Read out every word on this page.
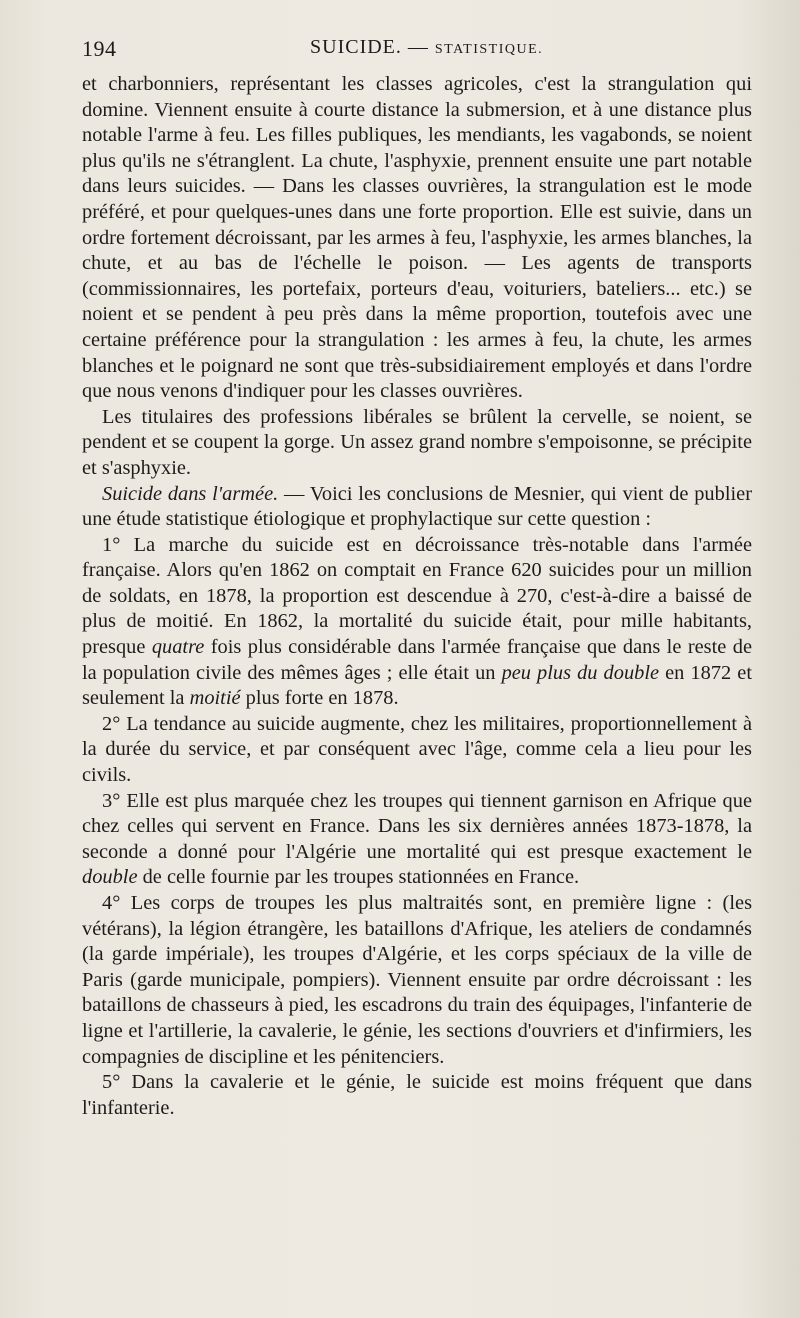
194	SUICIDE. — STATISTIQUE.

et charbonniers, représentant les classes agricoles, c'est la strangulation qui domine. Viennent ensuite à courte distance la submersion, et à une distance plus notable l'arme à feu. Les filles publiques, les mendiants, les vagabonds, se noient plus qu'ils ne s'étranglent. La chute, l'asphyxie, prennent ensuite une part notable dans leurs suicides. — Dans les classes ouvrières, la strangulation est le mode préféré, et pour quelques-unes dans une forte proportion. Elle est suivie, dans un ordre fortement décroissant, par les armes à feu, l'asphyxie, les armes blanches, la chute, et au bas de l'échelle le poison. — Les agents de transports (commissionnaires, les portefaix, porteurs d'eau, voituriers, bateliers... etc.) se noient et se pendent à peu près dans la même proportion, toutefois avec une certaine préférence pour la strangulation : les armes à feu, la chute, les armes blanches et le poignard ne sont que très-subsidiairement employés et dans l'ordre que nous venons d'indiquer pour les classes ouvrières.

Les titulaires des professions libérales se brûlent la cervelle, se noient, se pendent et se coupent la gorge. Un assez grand nombre s'empoisonne, se précipite et s'asphyxie.

Suicide dans l'armée. — Voici les conclusions de Mesnier, qui vient de publier une étude statistique étiologique et prophylactique sur cette question :

1° La marche du suicide est en décroissance très-notable dans l'armée française. Alors qu'en 1862 on comptait en France 620 suicides pour un million de soldats, en 1878, la proportion est descendue à 270, c'est-à-dire a baissé de plus de moitié. En 1862, la mortalité du suicide était, pour mille habitants, presque quatre fois plus considérable dans l'armée française que dans le reste de la population civile des mêmes âges ; elle était un peu plus du double en 1872 et seulement la moitié plus forte en 1878.

2° La tendance au suicide augmente, chez les militaires, proportionnellement à la durée du service, et par conséquent avec l'âge, comme cela a lieu pour les civils.

3° Elle est plus marquée chez les troupes qui tiennent garnison en Afrique que chez celles qui servent en France. Dans les six dernières années 1873-1878, la seconde a donné pour l'Algérie une mortalité qui est presque exactement le double de celle fournie par les troupes stationnées en France.

4° Les corps de troupes les plus maltraités sont, en première ligne : (les vétérans), la légion étrangère, les bataillons d'Afrique, les ateliers de condamnés (la garde impériale), les troupes d'Algérie, et les corps spéciaux de la ville de Paris (garde municipale, pompiers). Viennent ensuite par ordre décroissant : les bataillons de chasseurs à pied, les escadrons du train des équipages, l'infanterie de ligne et l'artillerie, la cavalerie, le génie, les sections d'ouvriers et d'infirmiers, les compagnies de discipline et les pénitenciers.

5° Dans la cavalerie et le génie, le suicide est moins fréquent que dans l'infanterie.
